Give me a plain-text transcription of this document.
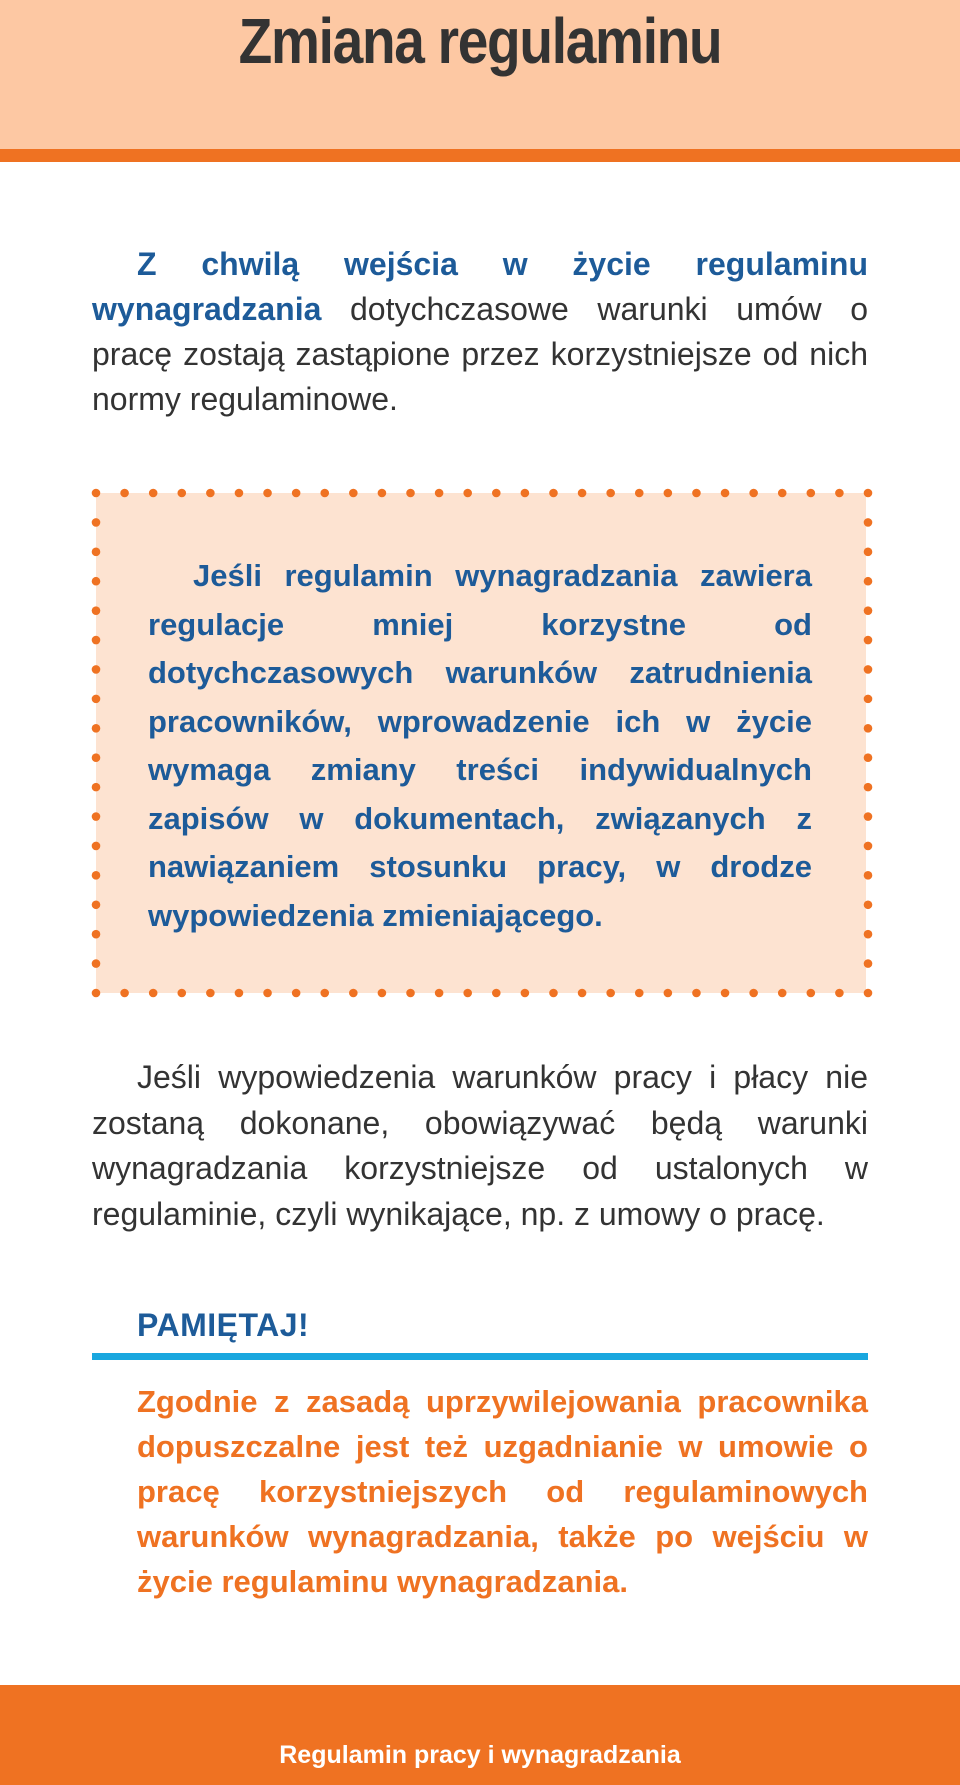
Zmiana regulaminu

Z chwilą wejścia w życie regulaminu wynagradzania dotychczasowe warunki umów o pracę zostają zastąpione przez korzystniejsze od nich normy regulaminowe.

Jeśli regulamin wynagradzania zawiera regulacje mniej korzystne od dotychczasowych warunków zatrudnienia pracowników, wprowadzenie ich w życie wymaga zmiany treści indywidualnych zapisów w dokumentach, związanych z nawiązaniem stosunku pracy, w drodze wypowiedzenia zmieniającego.

Jeśli wypowiedzenia warunków pracy i płacy nie zostaną dokonane, obowiązywać będą warunki wynagradzania korzystniejsze od ustalonych w regulaminie, czyli wynikające, np. z umowy o pracę.

PAMIĘTAJ!

Zgodnie z zasadą uprzywilejowania pracownika dopuszczalne jest też uzgadnianie w umowie o pracę korzystniejszych od regulaminowych warunków wynagradzania, także po wejściu w życie regulaminu wynagradzania.

Regulamin pracy i wynagradzania
